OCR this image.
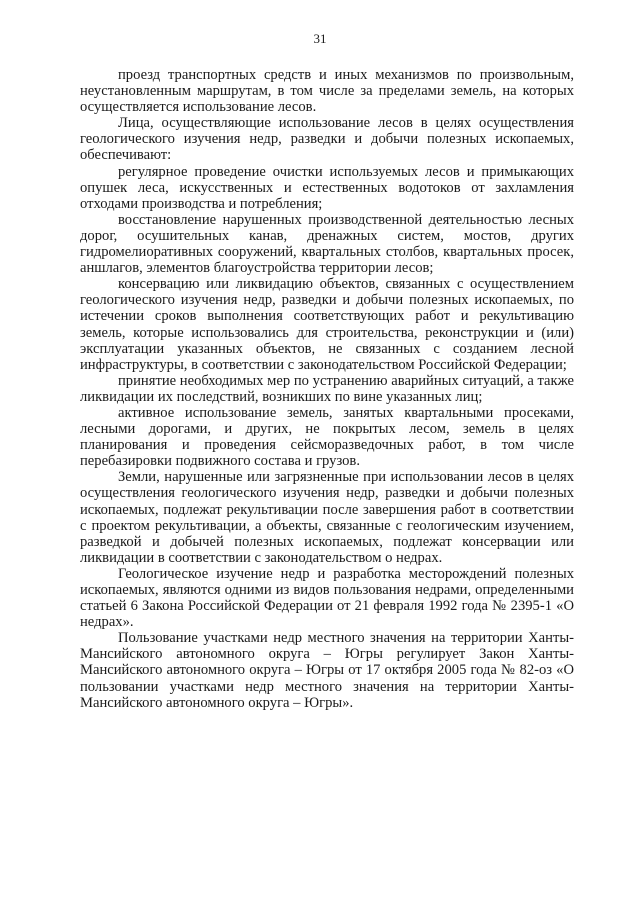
31

проезд транспортных средств и иных механизмов по произвольным, неустановленным маршрутам, в том числе за пределами земель, на которых осуществляется использование лесов.

Лица, осуществляющие использование лесов в целях осуществления геологического изучения недр, разведки и добычи полезных ископаемых, обеспечивают:

регулярное проведение очистки используемых лесов и примыкающих опушек леса, искусственных и естественных водотоков от захламления отходами производства и потребления;

восстановление нарушенных производственной деятельностью лесных дорог, осушительных канав, дренажных систем, мостов, других гидромелиоративных сооружений, квартальных столбов, квартальных просек, аншлагов, элементов благоустройства территории лесов;

консервацию или ликвидацию объектов, связанных с осуществлением геологического изучения недр, разведки и добычи полезных ископаемых, по истечении сроков выполнения соответствующих работ и рекультивацию земель, которые использовались для строительства, реконструкции и (или) эксплуатации указанных объектов, не связанных с созданием лесной инфраструктуры, в соответствии с законодательством Российской Федерации;

принятие необходимых мер по устранению аварийных ситуаций, а также ликвидации их последствий, возникших по вине указанных лиц;

активное использование земель, занятых квартальными просеками, лесными дорогами, и других, не покрытых лесом, земель в целях планирования и проведения сейсморазведочных работ, в том числе перебазировки подвижного состава и грузов.

Земли, нарушенные или загрязненные при использовании лесов в целях осуществления геологического изучения недр, разведки и добычи полезных ископаемых, подлежат рекультивации после завершения работ в соответствии с проектом рекультивации, а объекты, связанные с геологическим изучением, разведкой и добычей полезных ископаемых, подлежат консервации или ликвидации в соответствии с законодательством о недрах.

Геологическое изучение недр и разработка месторождений полезных ископаемых, являются одними из видов пользования недрами, определенными статьей 6 Закона Российской Федерации от 21 февраля 1992 года № 2395-1 «О недрах».

Пользование участками недр местного значения на территории Ханты-Мансийского автономного округа – Югры регулирует Закон Ханты-Мансийского автономного округа – Югры от 17 октября 2005 года № 82-оз «О пользовании участками недр местного значения на территории Ханты-Мансийского автономного округа – Югры».
